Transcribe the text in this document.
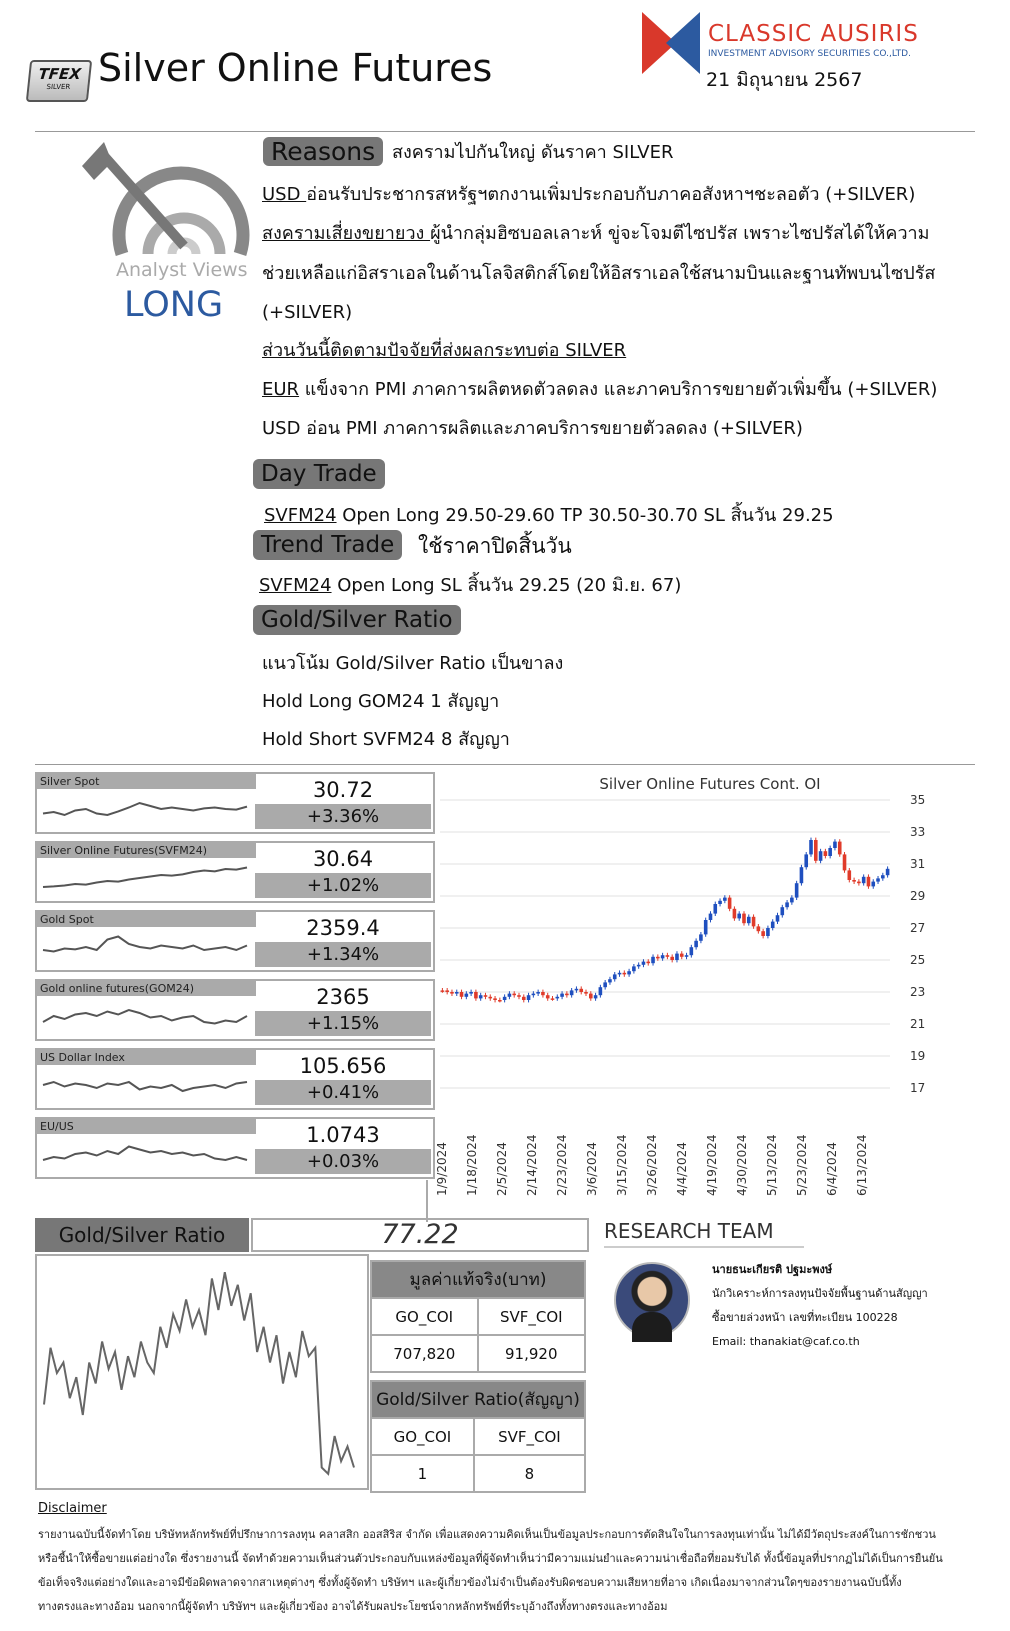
TFEX
SILVER Silver Online Futures
CLASSIC AUSIRIS
INVESTMENT ADVISORY SECURITIES CO.,LTD.
21 มิถุนายน 2567
Analyst Views
LONG
Reasons สงครามไปกันใหญ่ ดันราคา SILVER
USD อ่อนรับประชากรสหรัฐฯตกงานเพิ่มประกอบกับภาคอสังหาฯชะลอตัว (+SILVER)
สงครามเสี่ยงขยายวง ผู้นำกลุ่มฮิซบอลเลาะห์ ขู่จะโจมตีไซปรัส เพราะไซปรัสได้ให้ความ
ช่วยเหลือแก่อิสราเอลในด้านโลจิสติกส์โดยให้อิสราเอลใช้สนามบินและฐานทัพบนไซปรัส
(+SILVER)
ส่วนวันนี้ติดตามปัจจัยที่ส่งผลกระทบต่อ SILVER
EUR แข็งจาก PMI ภาคการผลิตหดตัวลดลง และภาคบริการขยายตัวเพิ่มขึ้น (+SILVER)
USD อ่อน PMI ภาคการผลิตและภาคบริการขยายตัวลดลง (+SILVER)
Day Trade
SVFM24 Open Long 29.50-29.60 TP 30.50-30.70 SL สิ้นวัน 29.25
Trend Trade	ใช้ราคาปิดสิ้นวัน
SVFM24 Open Long SL สิ้นวัน 29.25 (20 มิ.ย. 67)
Gold/Silver Ratio
แนวโน้ม Gold/Silver Ratio เป็นขาลง
Hold Long GOM24 1 สัญญา
Hold Short SVFM24 8 สัญญา
Silver Spot	30.72
+3.36%
Silver Online Futures(SVFM24)	30.64
+1.02%
Gold Spot	2359.4
+1.34%
Gold online futures(GOM24)	2365
+1.15%
US Dollar Index	105.656
+0.41%
EU/US	1.0743
+0.03%
Silver Online Futures Cont. OI
35
33
31
29
27
25
23
21
19
17
1/9/2024 1/18/2024 2/5/2024 2/14/2024 2/23/2024 3/6/2024 3/15/2024 3/26/2024 4/4/2024 4/19/2024 4/30/2024 5/13/2024 5/23/2024 6/4/2024 6/13/2024
Gold/Silver Ratio	77.22
มูลค่าแท้จริง(บาท)	
GO_COI	SVF_COI
707,820	91,920
Gold/Silver Ratio(สัญญา)	
GO_COI	SVF_COI
1	8
RESEARCH TEAM
นายธนะเกียรติ ปฐมะพงษ์
นักวิเคราะห์การลงทุนปัจจัยพื้นฐานด้านสัญญา
ซื้อขายล่วงหน้า เลขที่ทะเบียน 100228
Email: thanakiat@caf.co.th
Disclaimer
รายงานฉบับนี้จัดทำโดย บริษัทหลักทรัพย์ที่ปรึกษาการลงทุน คลาสสิก ออสสิริส จำกัด เพื่อแสดงความคิดเห็นเป็นข้อมูลประกอบการตัดสินใจในการลงทุนเท่านั้น ไม่ได้มีวัตถุประสงค์ในการชักชวน
หรือชี้นำให้ซื้อขายแต่อย่างใด ซึ่งรายงานนี้ จัดทำด้วยความเห็นส่วนตัวประกอบกับแหล่งข้อมูลที่ผู้จัดทำเห็นว่ามีความแม่นยำและความน่าเชื่อถือที่ยอมรับได้ ทั้งนี้ข้อมูลที่ปรากฏไม่ได้เป็นการยืนยัน
ข้อเท็จจริงแต่อย่างใดและอาจมีข้อผิดพลาดจากสาเหตุต่างๆ ซึ่งทั้งผู้จัดทำ บริษัทฯ และผู้เกี่ยวข้องไม่จำเป็นต้องรับผิดชอบความเสียหายที่อาจ เกิดเนื่องมาจากส่วนใดๆของรายงานฉบับนี้ทั้ง
ทางตรงและทางอ้อม นอกจากนี้ผู้จัดทำ บริษัทฯ และผู้เกี่ยวข้อง อาจได้รับผลประโยชน์จากหลักทรัพย์ที่ระบุอ้างถึงทั้งทางตรงและทางอ้อม
